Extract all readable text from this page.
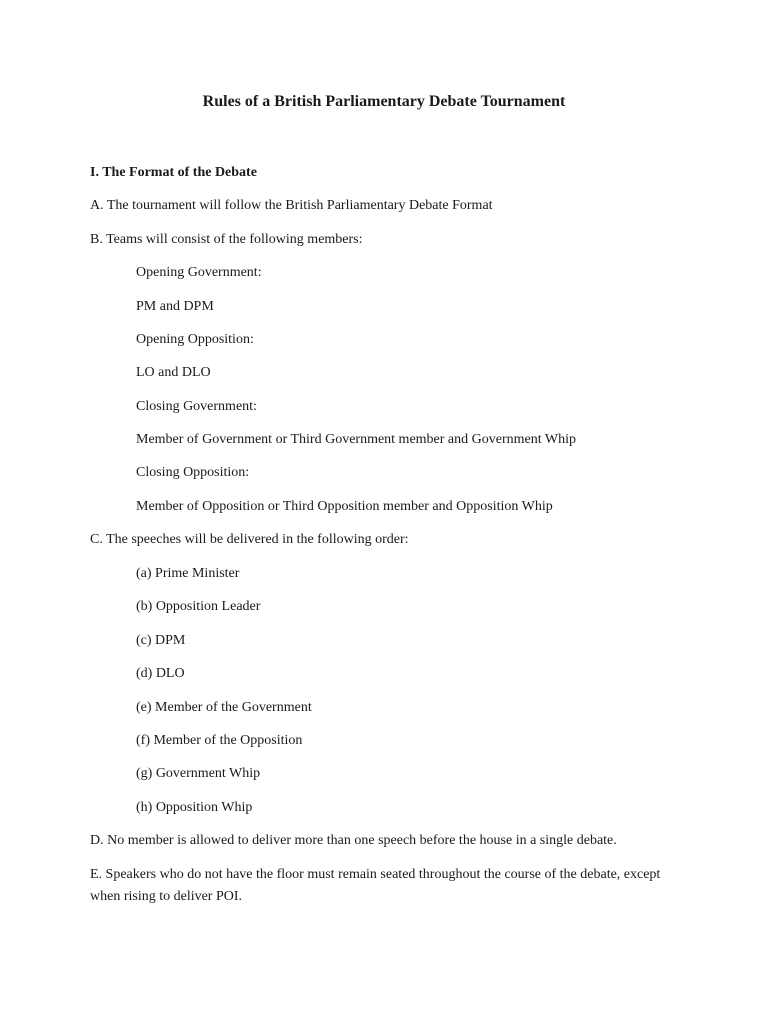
Rules of a British Parliamentary Debate Tournament
I. The Format of the Debate
A. The tournament will follow the British Parliamentary Debate Format
B. Teams will consist of the following members:
Opening Government:
PM and DPM
Opening Opposition:
LO and DLO
Closing Government:
Member of Government or Third Government member and Government Whip
Closing Opposition:
Member of Opposition or Third Opposition member and Opposition Whip
C. The speeches will be delivered in the following order:
(a) Prime Minister
(b) Opposition Leader
(c) DPM
(d) DLO
(e) Member of the Government
(f) Member of the Opposition
(g) Government Whip
(h) Opposition Whip
D. No member is allowed to deliver more than one speech before the house in a single debate.
E. Speakers who do not have the floor must remain seated throughout the course of the debate, except when rising to deliver POI.
